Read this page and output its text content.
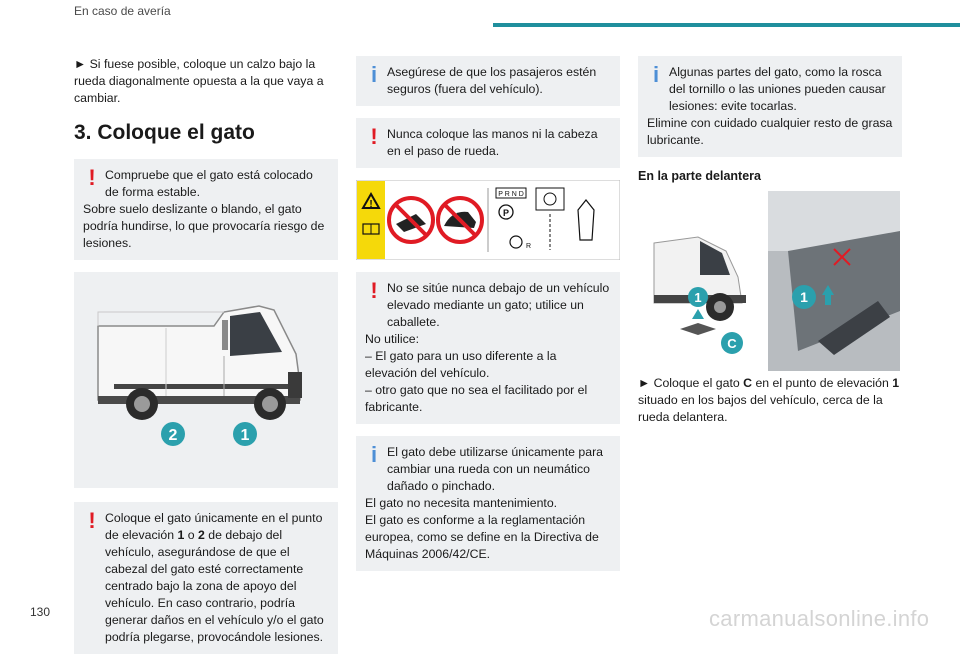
En caso de avería

► Si fuese posible, coloque un calzo bajo la rueda diagonalmente opuesta a la que vaya a cambiar.

3. Coloque el gato
! Compruebe que el gato está colocado de forma estable.

Sobre suelo deslizante o blando, el gato podría hundirse, lo que provocaría riesgo de lesiones.

2	1
! Coloque el gato únicamente en el punto de elevación 1 o 2 de debajo del vehículo, asegurándose de que el cabezal del gato esté correctamente centrado bajo la zona de apoyo del vehículo. En caso contrario, podría generar daños en el vehículo y/o el gato podría plegarse, provocándole lesiones.

i Asegúrese de que los pasajeros estén seguros (fuera del vehículo).

! Nunca coloque las manos ni la cabeza en el paso de rueda.

!
P R N D
P
R
! No se sitúe nunca debajo de un vehículo elevado mediante un gato; utilice un caballete.

No utilice:

– El gato para un uso diferente a la elevación del vehículo.

– otro gato que no sea el facilitado por el fabricante.

i El gato debe utilizarse únicamente para cambiar una rueda con un neumático dañado o pinchado.

El gato no necesita mantenimiento.

El gato es conforme a la reglamentación europea, como se define en la Directiva de Máquinas 2006/42/CE.

i Algunas partes del gato, como la rosca del tornillo o las uniones pueden causar lesiones: evite tocarlas.

Elimine con cuidado cualquier resto de grasa lubricante.

En la parte delantera
1
C
1

► Coloque el gato C en el punto de elevación 1 situado en los bajos del vehículo, cerca de la rueda delantera.

130	carmanualsonline.info
